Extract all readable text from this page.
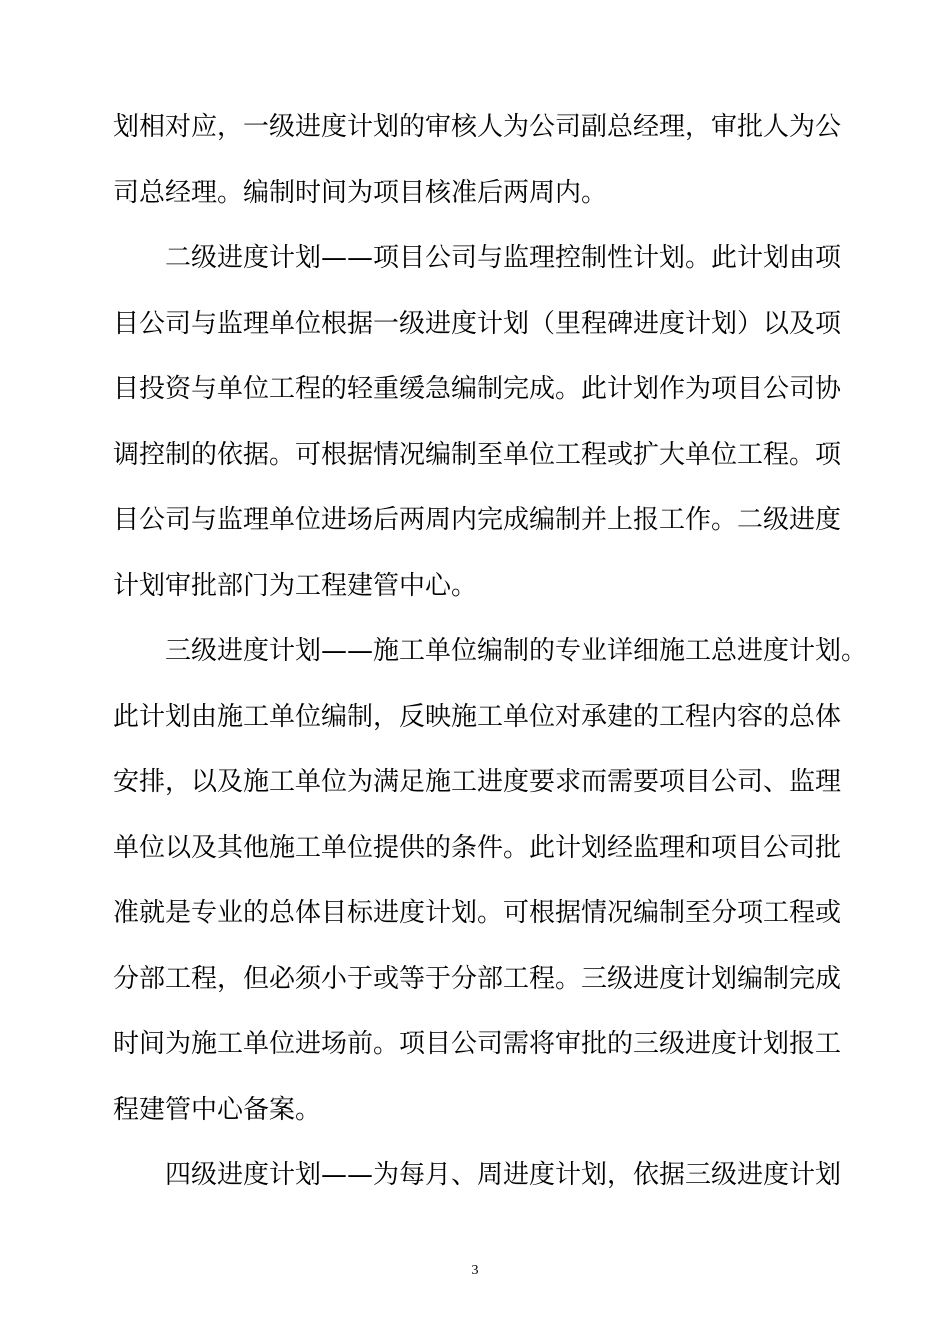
划相对应，一级进度计划的审核人为公司副总经理，审批人为公
司总经理。编制时间为项目核准后两周内。
二级进度计划——项目公司与监理控制性计划。此计划由项
目公司与监理单位根据一级进度计划（里程碑进度计划）以及项
目投资与单位工程的轻重缓急编制完成。此计划作为项目公司协
调控制的依据。可根据情况编制至单位工程或扩大单位工程。项
目公司与监理单位进场后两周内完成编制并上报工作。二级进度
计划审批部门为工程建管中心。
三级进度计划——施工单位编制的专业详细施工总进度计划。
此计划由施工单位编制，反映施工单位对承建的工程内容的总体
安排，以及施工单位为满足施工进度要求而需要项目公司、监理
单位以及其他施工单位提供的条件。此计划经监理和项目公司批
准就是专业的总体目标进度计划。可根据情况编制至分项工程或
分部工程，但必须小于或等于分部工程。三级进度计划编制完成
时间为施工单位进场前。项目公司需将审批的三级进度计划报工
程建管中心备案。
四级进度计划——为每月、周进度计划，依据三级进度计划
3
